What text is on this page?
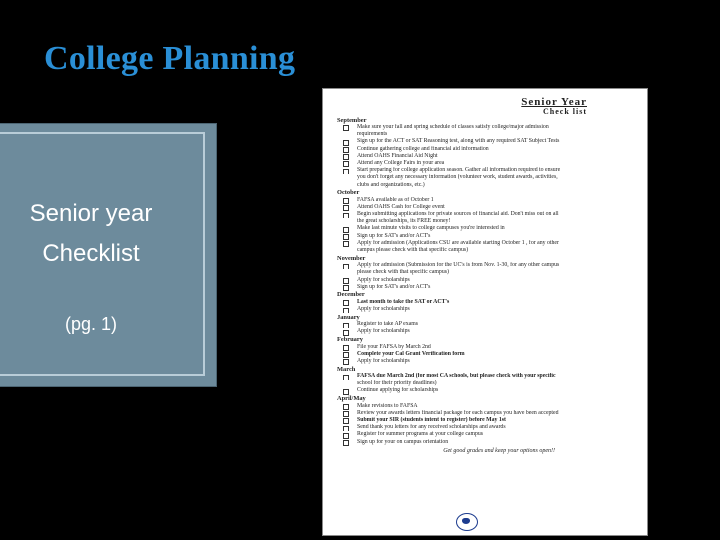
College Planning
Senior year
Checklist
(pg. 1)
Senior Year
Check list
September
Make sure your fall and spring schedule of classes satisfy college/major admission
requirements
Sign up for the ACT or SAT Reasoning test, along with any required SAT Subject Tests
Continue gathering college and financial aid information
Attend OAHS Financial Aid Night
Attend any College Fairs in your area
Start preparing for college application season. Gather all information required to ensure
you don't forget any necessary information (volunteer work, student awards, activities,
clubs and organizations, etc.)
October
FAFSA available as of October 1
Attend OAHS Cash for College event
Begin submitting applications for private sources of financial aid. Don't miss out on all
the great scholarships, its FREE money!
Make last minute visits to college campuses you're interested in
Sign up for SAT's and/or ACT's
Apply for admission (Applications CSU are available starting October 1 , for any other
campus please check with that specific campus)
November
Apply for admission (Submission for the UC's is from Nov. 1-30, for any other campus
please check with that specific campus)
Apply for scholarships
Sign up for SAT's and/or ACT's
December
Last month to take the SAT or ACT's
Apply for scholarships
January
Register to take AP exams
Apply for scholarships
February
File your FAFSA by March 2nd
Complete your Cal Grant Verification form
Apply for scholarships
March
FAFSA due March 2nd (for most CA schools, but please check with your specific
school for their priority deadlines)
Continue applying for scholarships
April/May
Make revisions to FAFSA
Review your awards letters financial package for each campus you have been accepted
Submit your SIR (students intent to register) before May 1st
Send thank you letters for any received scholarships and awards
Register for summer programs at your college campus
Sign up for your on campus orientation
Get good grades and keep your options open!!
